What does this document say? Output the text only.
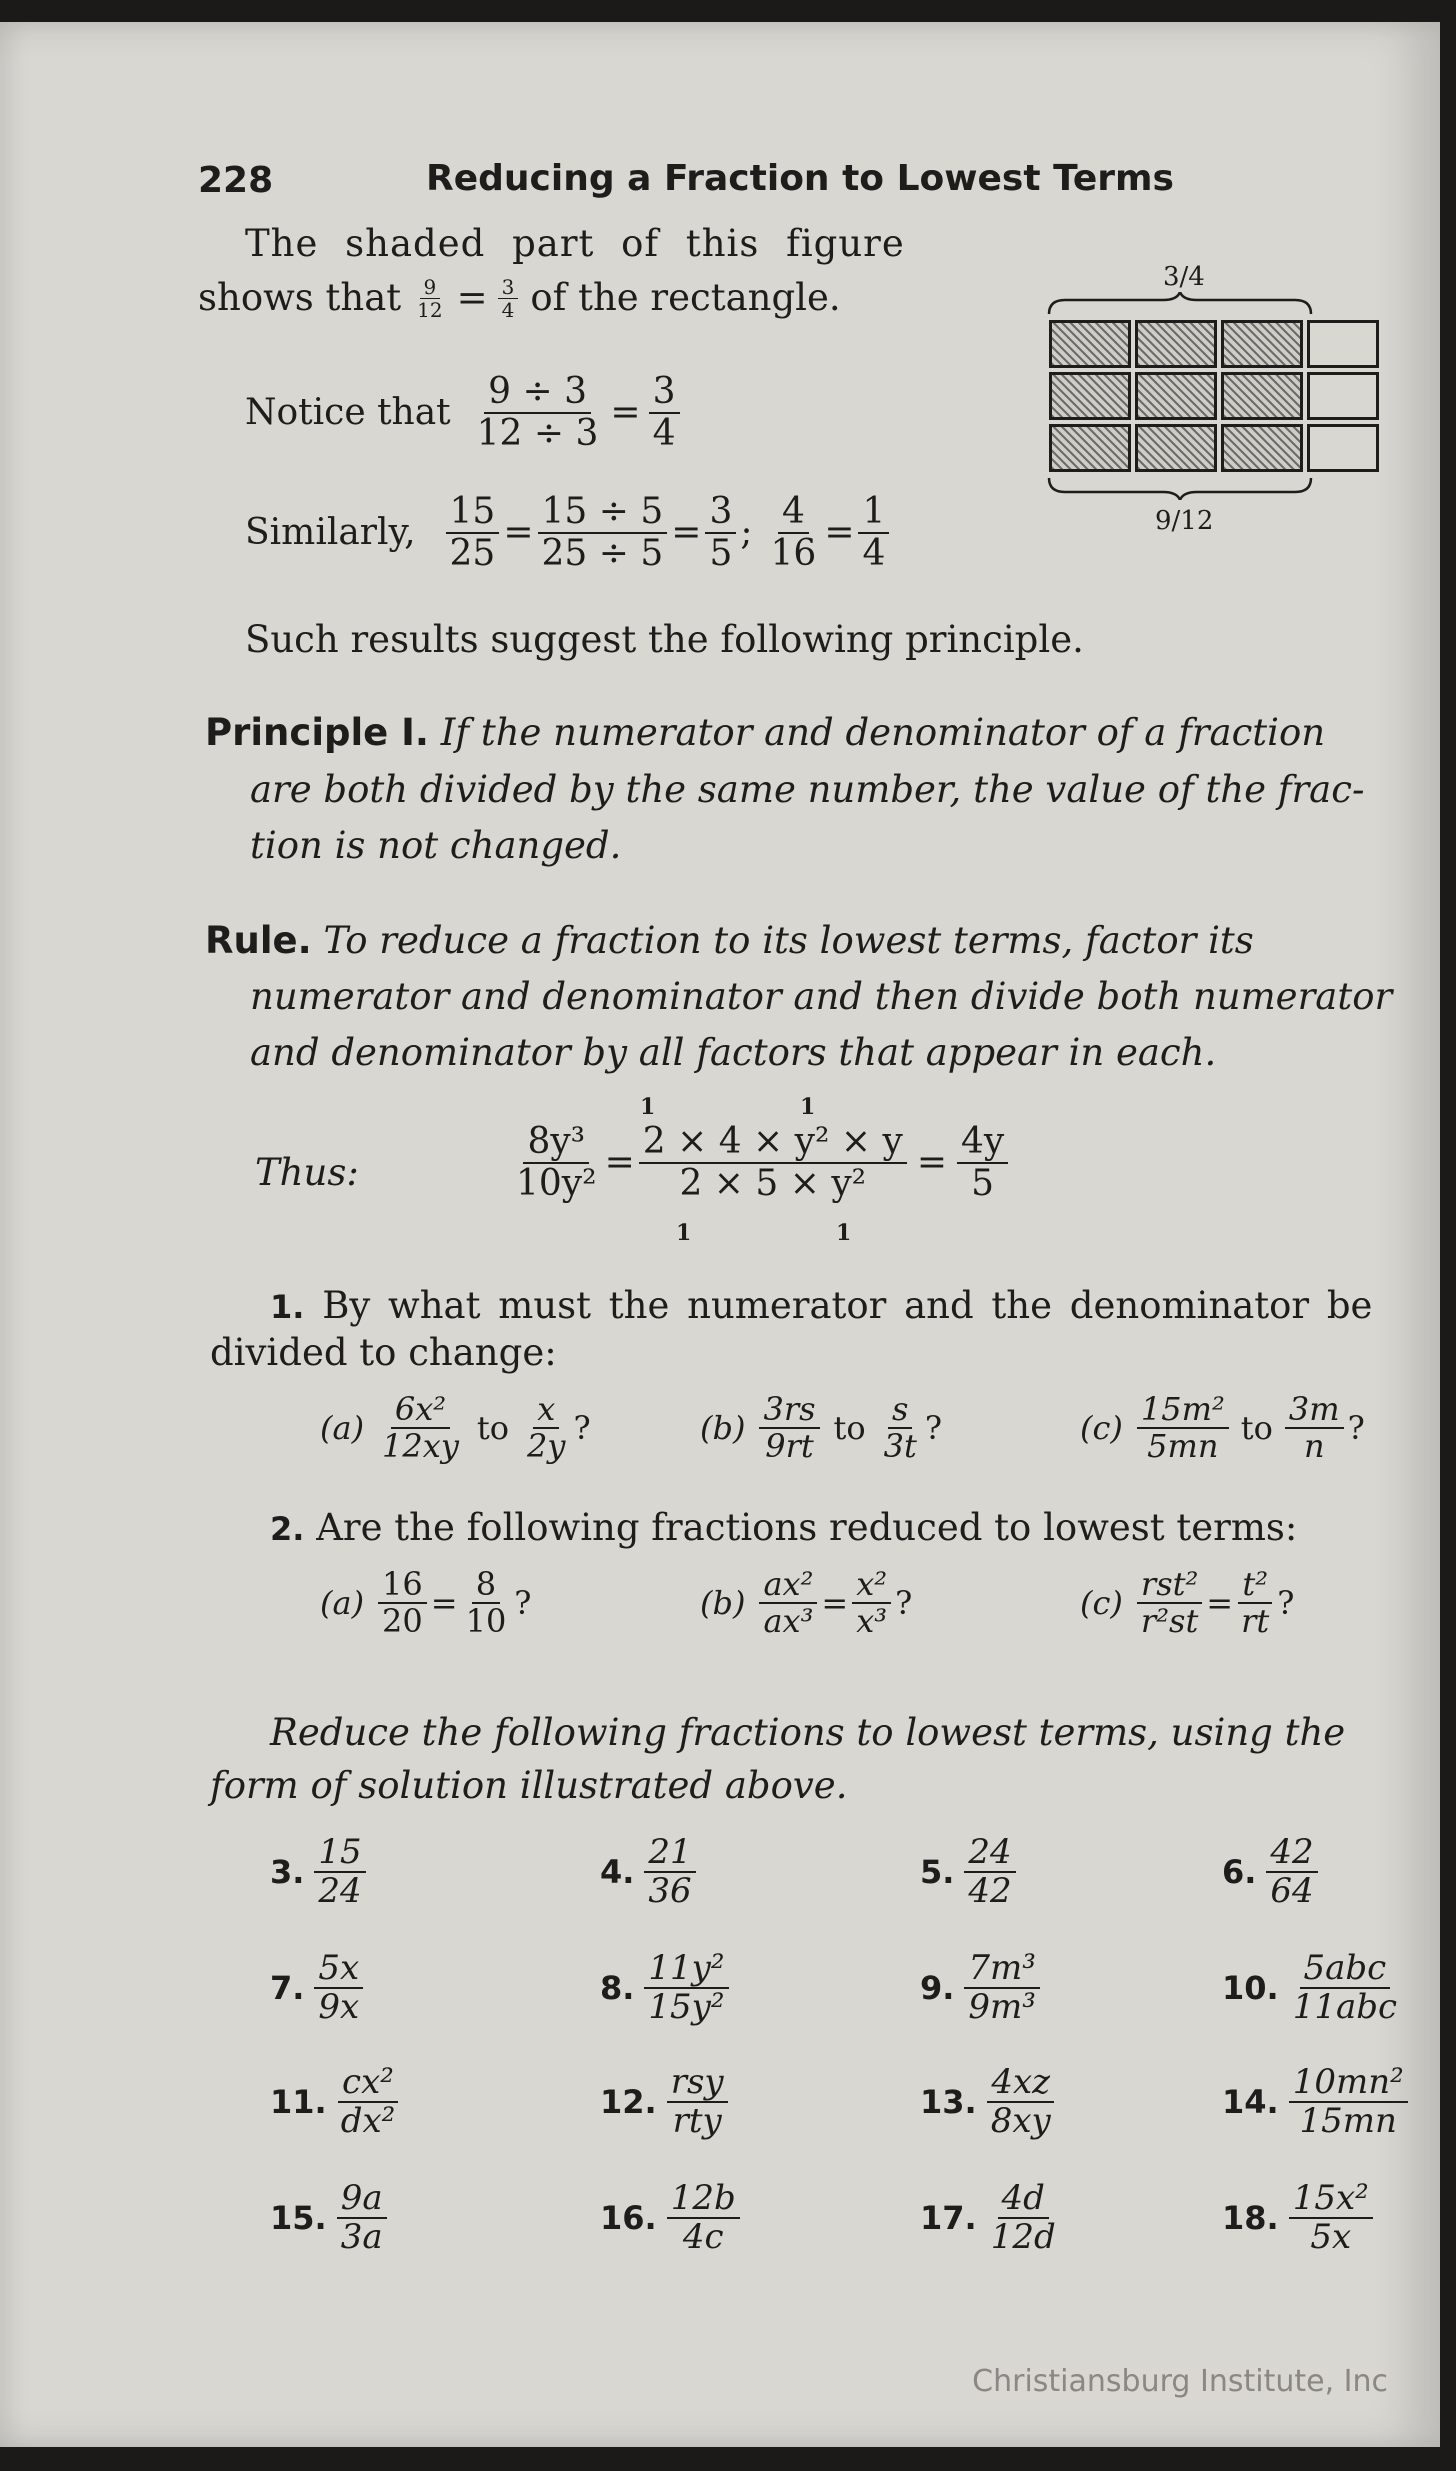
228	Reducing a Fraction to Lowest Terms
The shaded part of this figure
shows that $\frac{9}{12} = \frac{3}{4}$ of the rectangle.	3/4
9/12
Notice that $\frac{9 \div 3}{12 \div 3} = \frac{3}{4}$
Similarly, $\frac{15}{25} = \frac{15 \div 5}{25 \div 5} = \frac{3}{5}$ ; $\frac{4}{16} = \frac{1}{4}$
Such results suggest the following principle.
Principle I. If the numerator and denominator of a fraction
are both divided by the same number, the value of the frac-
tion is not changed.
Rule. To reduce a fraction to its lowest terms, factor its
numerator and denominator and then divide both numerator
and denominator by all factors that appear in each.
Thus:	$\frac{\text{8y³}}{\text{10y²}} = \frac{\text{2 × 4 × y² × y}}{\text{2 × 5 × y²}} = \frac{4y}{5}$
1	1
1	1
1. By what must the numerator and the denominator be
divided to change:
$(a) \frac{\text{6x²}}{12xy}$ to $\frac{x}{2y}$ ?	$(b) \frac{3rs}{9rt}$ to $\frac{s}{3t}$ ?	$(c) \frac{\text{15m²}}{5mn}$ to $\frac{3m}{n}$ ?
2. Are the following fractions reduced to lowest terms:
$(a) \frac{16}{20} = \frac{8}{10}$ ?	$(b) \frac{\text{ax²}}{\text{ax³}} = \frac{\text{x²}}{\text{x³}}$ ?	$(c) \frac{\text{rst²}}{\text{r²st}} = \frac{\text{t²}}{rt}$ ?
Reduce the following fractions to lowest terms, using the
form of solution illustrated above.
3. $\frac{15}{24}$	4. $\frac{21}{36}$	5. $\frac{24}{42}$	6. $\frac{42}{64}$
7. $\frac{5x}{9x}$	8. $\frac{\text{11y²}}{\text{15y²}}$	9. $\frac{\text{7m³}}{\text{9m³}}$	10. $\frac{\text{5abc}}{\text{11abc}}$
11. $\frac{\text{cx²}}{\text{dx²}}$	12. $\frac{\text{rsy}}{\text{rty}}$	13. $\frac{4xz}{8xy}$	14. $\frac{\text{10mn²}}{15mn}$
15. $\frac{9a}{3a}$	16. $\frac{12b}{4c}$	17. $\frac{4d}{12d}$	18. $\frac{\text{15x²}}{5x}$
Christiansburg Institute, Inc
